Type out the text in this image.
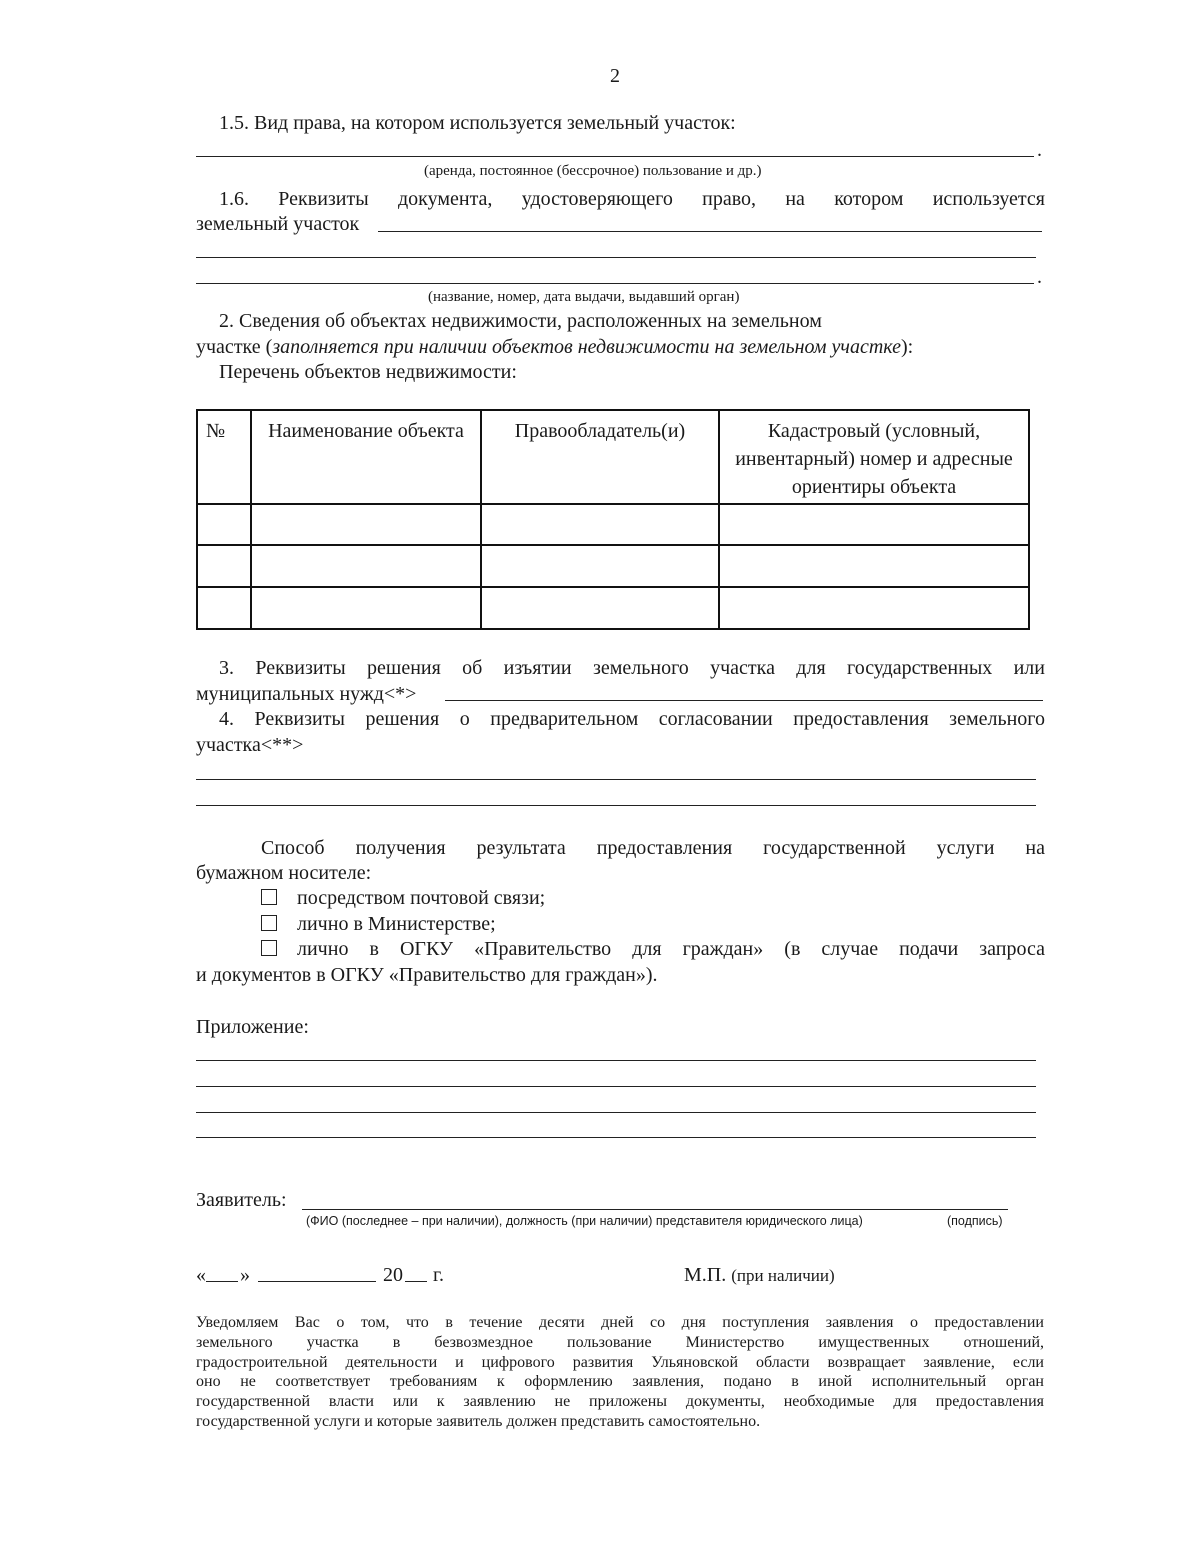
2
1.5. Вид права, на котором используется земельный участок:
.
(аренда, постоянное (бессрочное) пользование и др.)
1.6. Реквизиты документа, удостоверяющего право, на котором используется
земельный участок
.
(название, номер, дата выдачи, выдавший орган)
2. Сведения об объектах недвижимости, расположенных на земельном
участке (заполняется при наличии объектов недвижимости на земельном участке):
Перечень объектов недвижимости:
№	Наименование объекта	Правообладатель(и)	Кадастровый (условный, инвентарный) номер и адресные ориентиры объекта

3. Реквизиты решения об изъятии земельного участка для государственных или
муниципальных нужд<*>
4. Реквизиты решения о предварительном согласовании предоставления земельного
участка<**>
Способ получения результата предоставления государственной услуги на
бумажном носителе:
посредством почтовой связи;
лично в Министерстве;
лично в ОГКУ «Правительство для граждан» (в случае подачи запроса
и документов в ОГКУ «Правительство для граждан»).
Приложение:
Заявитель:
(ФИО (последнее – при наличии), должность (при наличии) представителя юридического лица)	(подпись)
« »	20 г.	М.П. (при наличии)
Уведомляем Вас о том, что в течение десяти дней со дня поступления заявления о предоставлении
земельного участка в безвозмездное пользование Министерство имущественных отношений,
градостроительной деятельности и цифрового развития Ульяновской области возвращает заявление, если
оно не соответствует требованиям к оформлению заявления, подано в иной исполнительный орган
государственной власти или к заявлению не приложены документы, необходимые для предоставления
государственной услуги и которые заявитель должен представить самостоятельно.
